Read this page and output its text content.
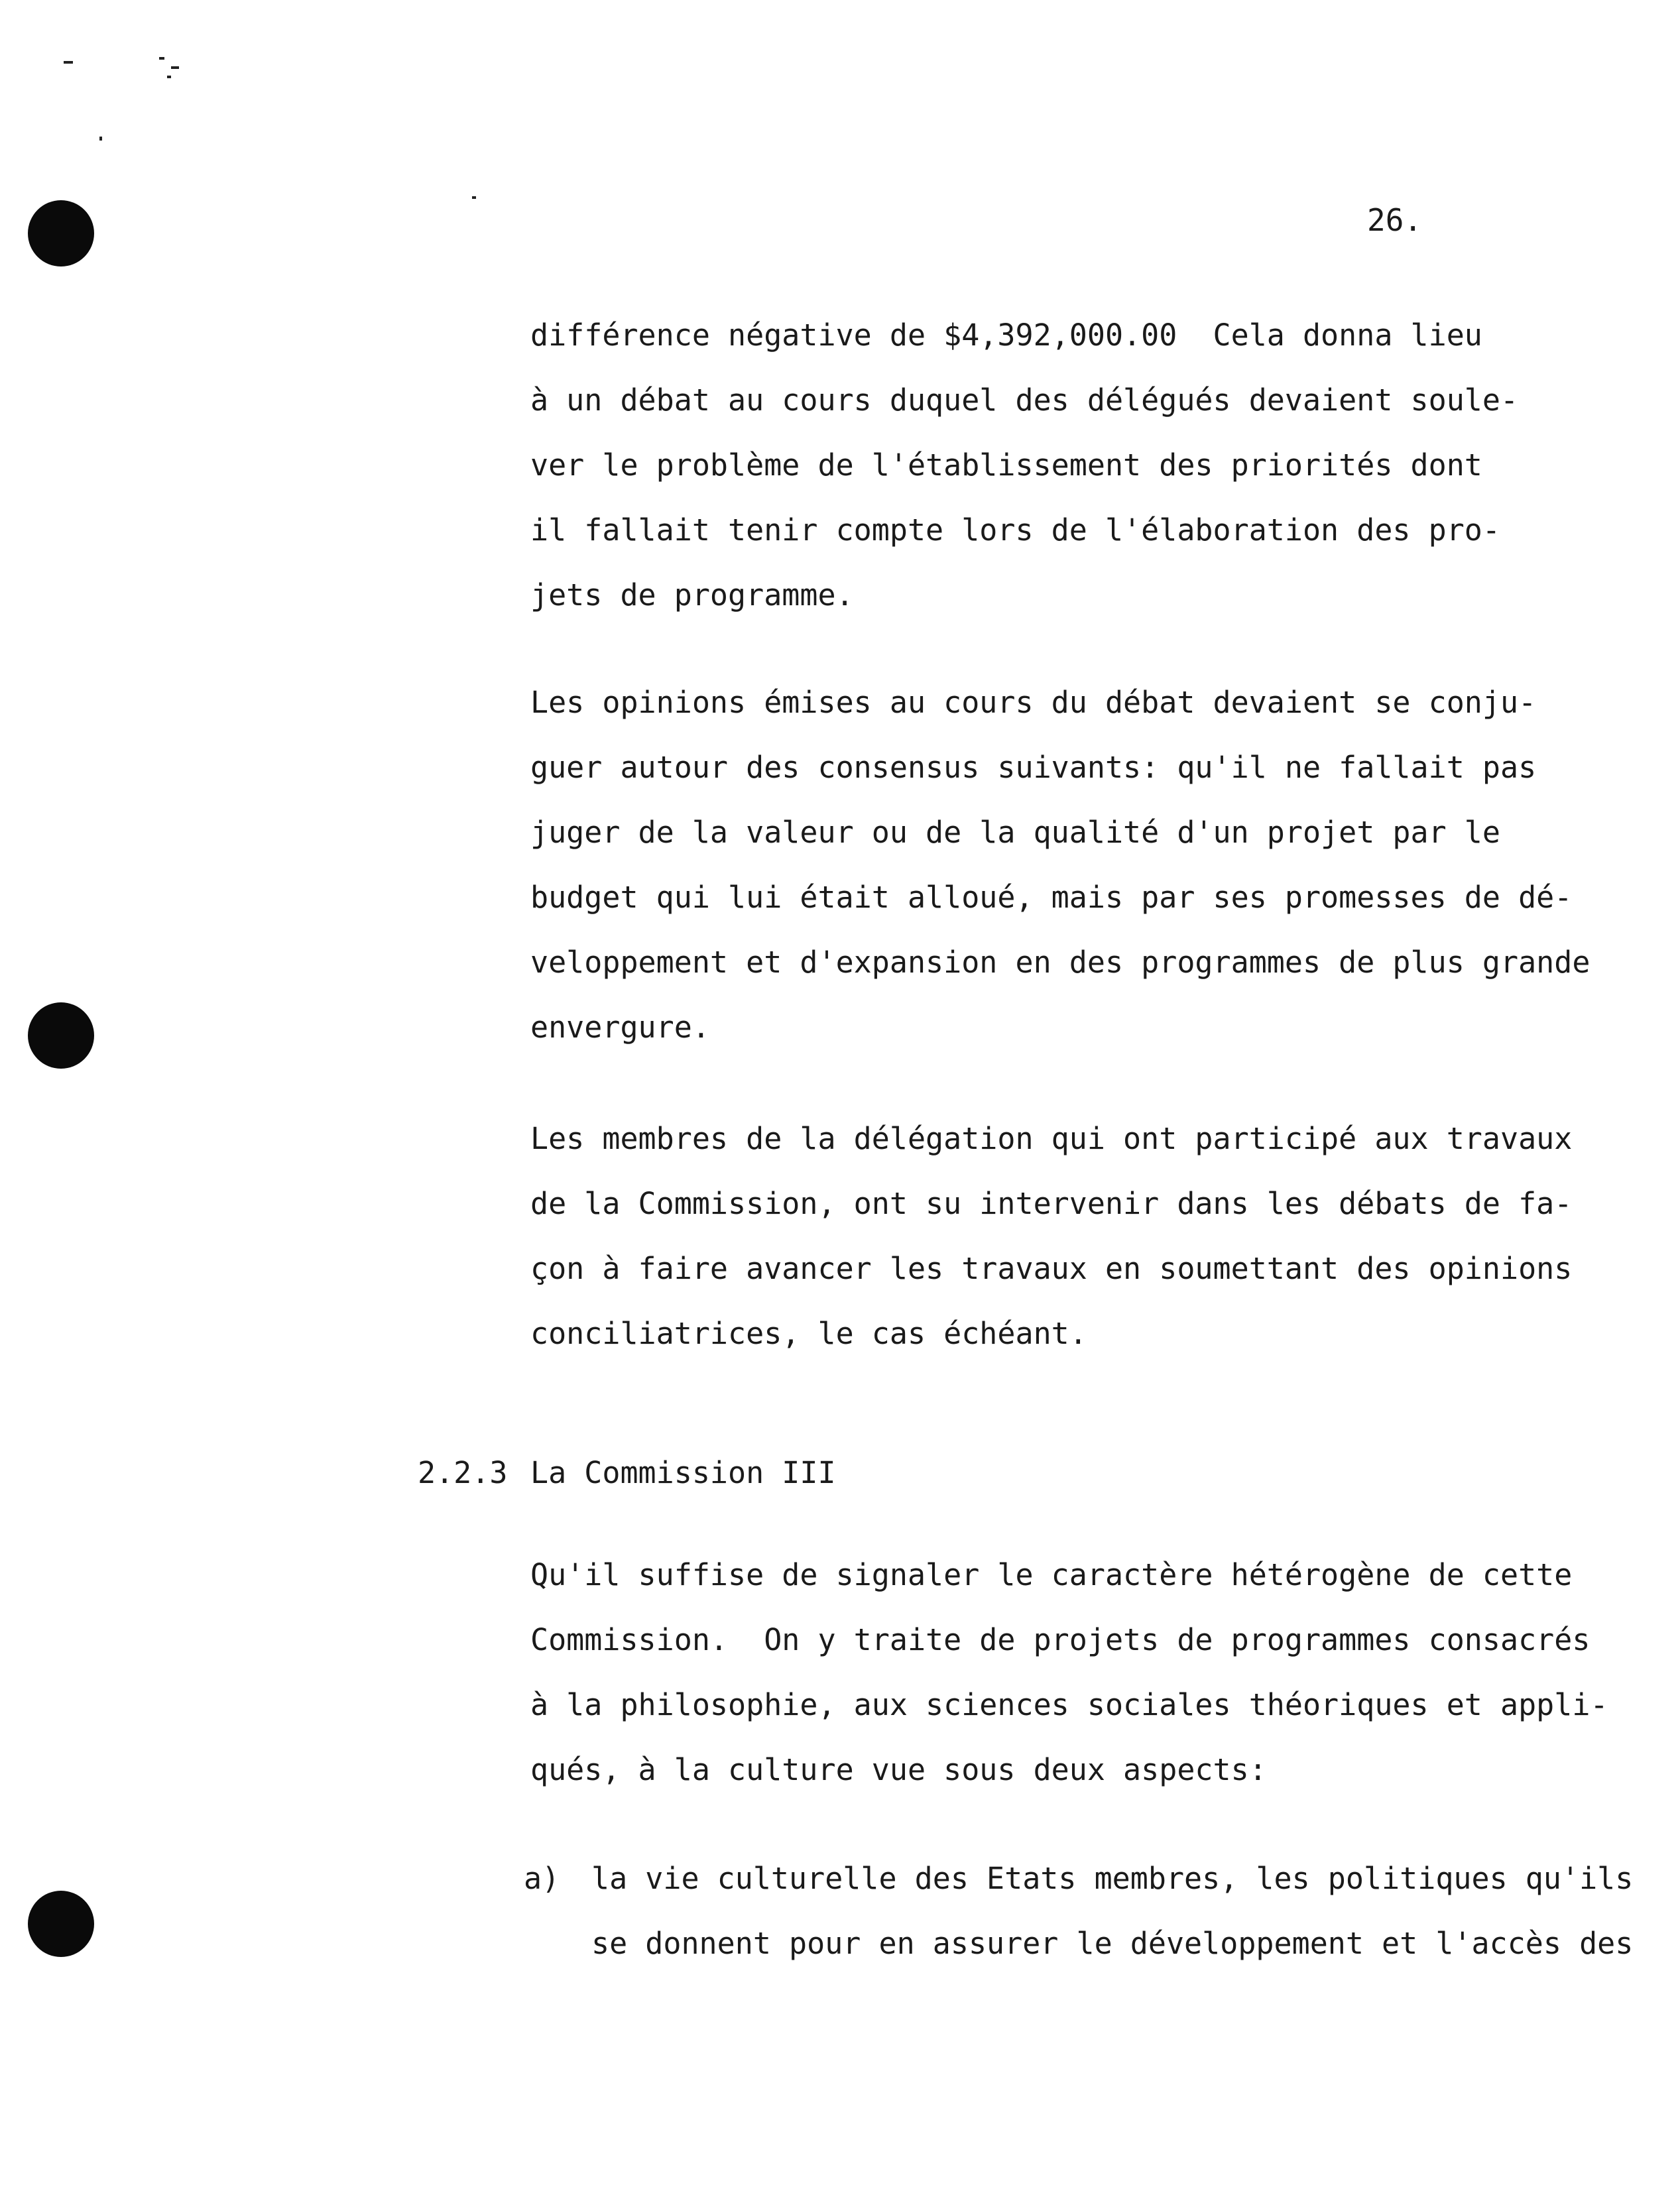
26.
différence négative de $4,392,000.00  Cela donna lieu
à un débat au cours duquel des délégués devaient soule-
ver le problème de l'établissement des priorités dont
il fallait tenir compte lors de l'élaboration des pro-
jets de programme.
Les opinions émises au cours du débat devaient se conju-
guer autour des consensus suivants: qu'il ne fallait pas
juger de la valeur ou de la qualité d'un projet par le
budget qui lui était alloué, mais par ses promesses de dé-
veloppement et d'expansion en des programmes de plus grande
envergure.
Les membres de la délégation qui ont participé aux travaux
de la Commission, ont su intervenir dans les débats de fa-
çon à faire avancer les travaux en soumettant des opinions
conciliatrices, le cas échéant.
2.2.3 La Commission III
Qu'il suffise de signaler le caractère hétérogène de cette
Commission.  On y traite de projets de programmes consacrés
à la philosophie, aux sciences sociales théoriques et appli-
qués, à la culture vue sous deux aspects:
a) la vie culturelle des Etats membres, les politiques qu'ils
se donnent pour en assurer le développement et l'accès des
